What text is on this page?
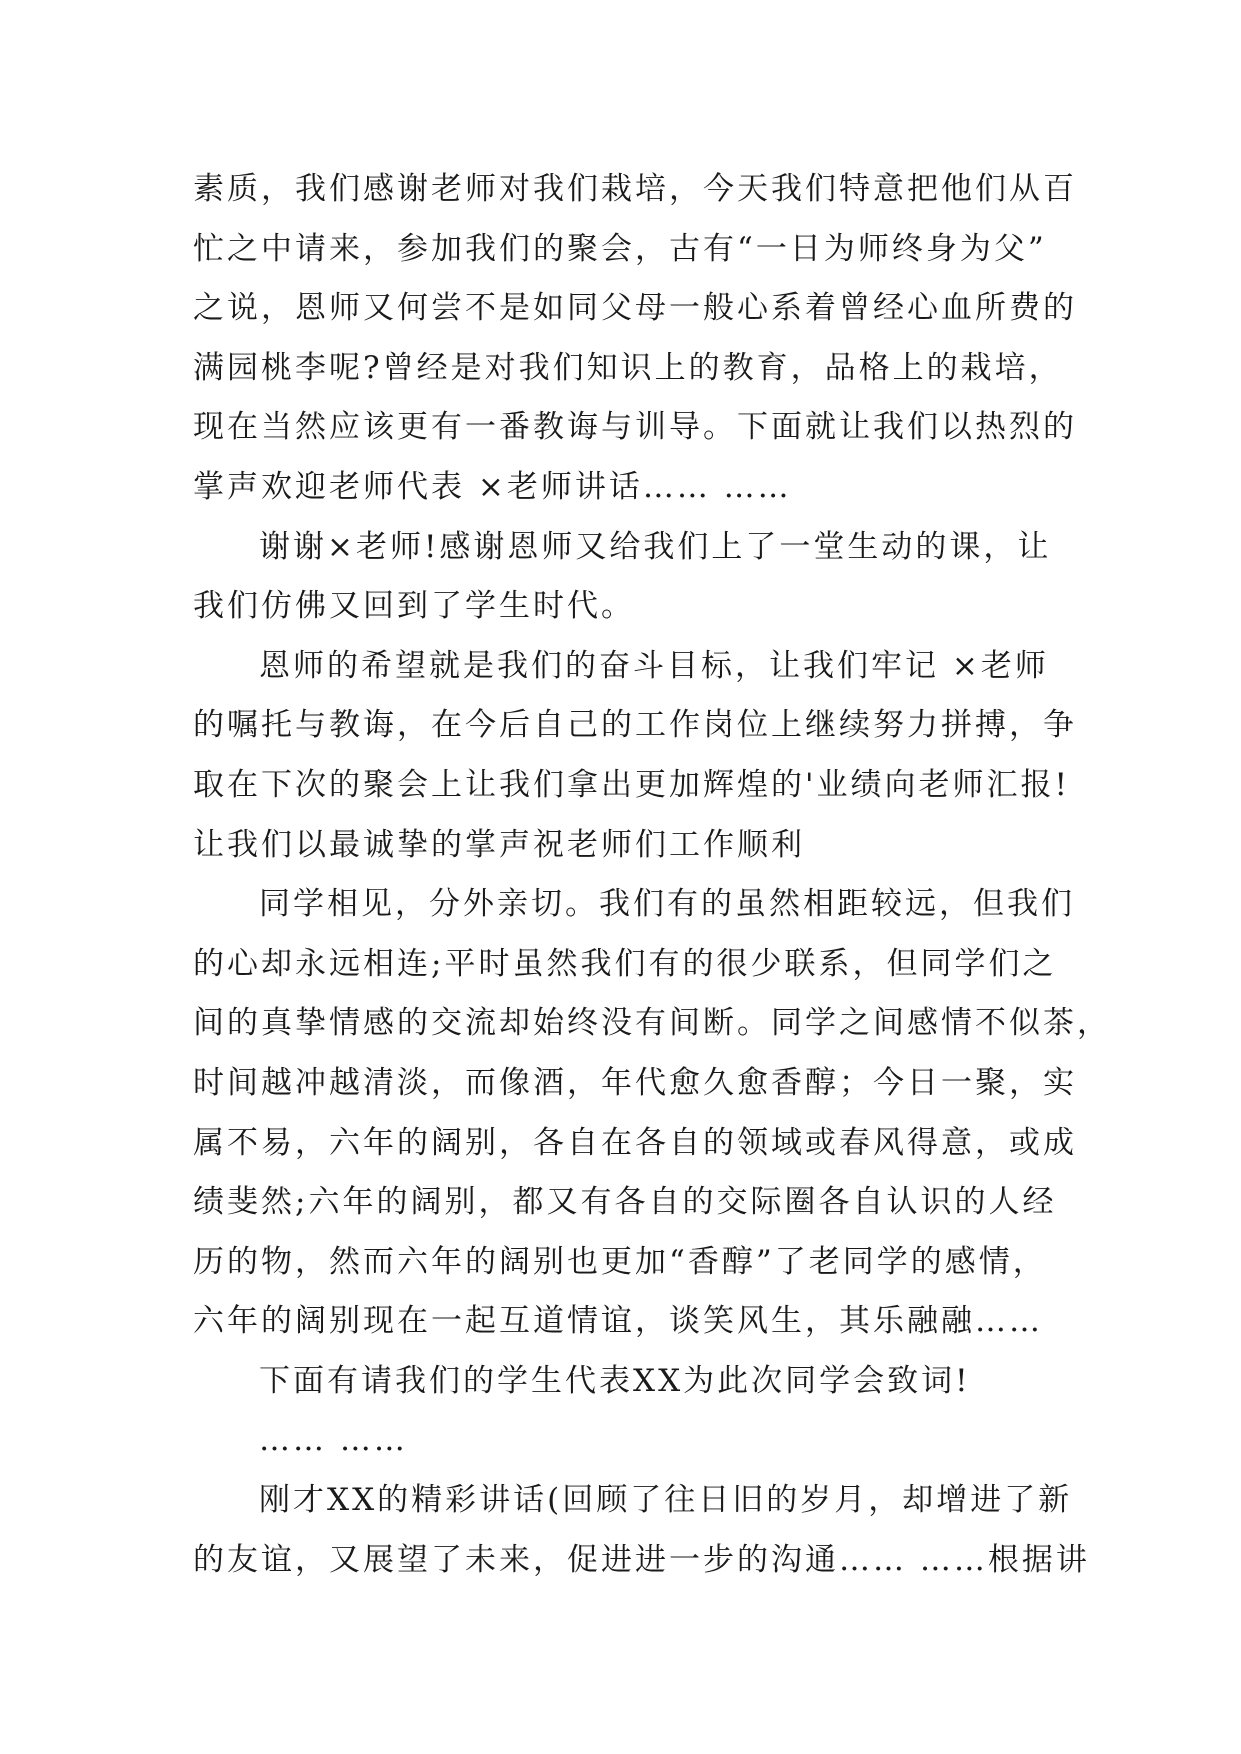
素质，我们感谢老师对我们栽培，今天我们特意把他们从百
忙之中请来，参加我们的聚会，古有“一日为师终身为父”
之说，恩师又何尝不是如同父母一般心系着曾经心血所费的
满园桃李呢?曾经是对我们知识上的教育，品格上的栽培，
现在当然应该更有一番教诲与训导。下面就让我们以热烈的
掌声欢迎老师代表 ×老师讲话…… ……
谢谢×老师!感谢恩师又给我们上了一堂生动的课，让
我们仿佛又回到了学生时代。
恩师的希望就是我们的奋斗目标，让我们牢记 ×老师
的嘱托与教诲，在今后自己的工作岗位上继续努力拼搏，争
取在下次的聚会上让我们拿出更加辉煌的'业绩向老师汇报!
让我们以最诚挚的掌声祝老师们工作顺利
同学相见，分外亲切。我们有的虽然相距较远，但我们
的心却永远相连;平时虽然我们有的很少联系，但同学们之
间的真挚情感的交流却始终没有间断。同学之间感情不似茶，
时间越冲越清淡，而像酒，年代愈久愈香醇；今日一聚，实
属不易，六年的阔别，各自在各自的领域或春风得意，或成
绩斐然;六年的阔别，都又有各自的交际圈各自认识的人经
历的物，然而六年的阔别也更加“香醇”了老同学的感情，
六年的阔别现在一起互道情谊，谈笑风生，其乐融融……
下面有请我们的学生代表XX为此次同学会致词!
…… ……
刚才XX的精彩讲话(回顾了往日旧的岁月，却增进了新
的友谊，又展望了未来，促进进一步的沟通…… ……根据讲
